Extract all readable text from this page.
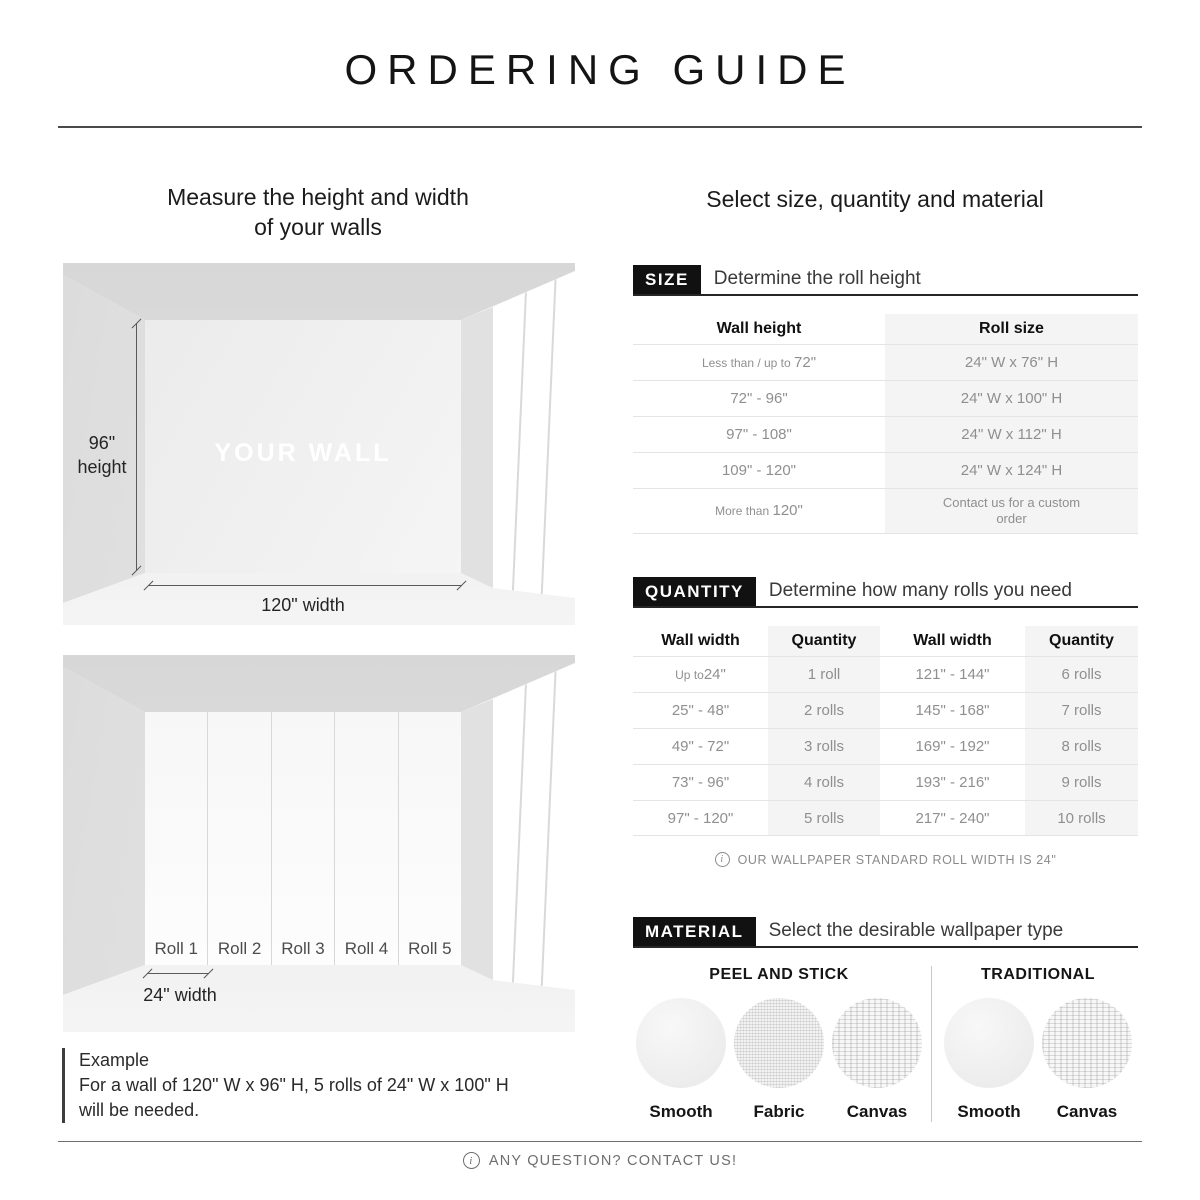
ORDERING GUIDE
Measure the height and width
of your walls
96"
height	YOUR WALL
120" width
Roll 1	Roll 2	Roll 3	Roll 4	Roll 5
24" width
Example
For a wall of 120" W x 96" H, 5 rolls of 24" W x 100" H
will be needed.
Select size, quantity and material
SIZE	Determine the roll height
Wall height	Roll size
Less than / up to 72"	24" W x 76" H
72" - 96"	24" W x 100" H
97" - 108"	24" W x 112" H
109" - 120"	24" W x 124" H
More than 120"	Contact us for a custom order
QUANTITY	Determine how many rolls you need
Wall width	Quantity	Wall width	Quantity
Up to 24"	1 roll	121" - 144"	6 rolls
25" - 48"	2 rolls	145" - 168"	7 rolls
49" - 72"	3 rolls	169" - 192"	8 rolls
73" - 96"	4 rolls	193" - 216"	9 rolls
97" - 120"	5 rolls	217" - 240"	10 rolls
i	OUR WALLPAPER STANDARD ROLL WIDTH IS 24"
MATERIAL	Select the desirable wallpaper type
PEEL AND STICK
Smooth Fabric Canvas
TRADITIONAL
Smooth Canvas
i	ANY QUESTION? CONTACT US!
